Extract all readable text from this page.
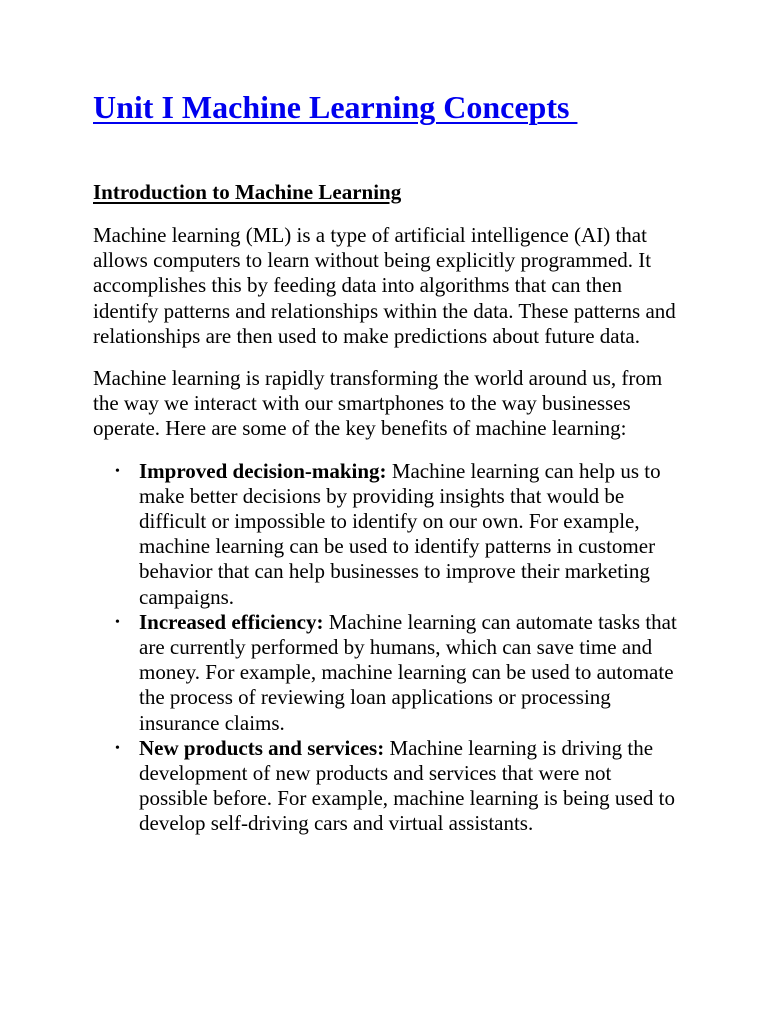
Unit I Machine Learning Concepts
Introduction to Machine Learning

Machine learning (ML) is a type of artificial intelligence (AI) that allows computers to learn without being explicitly programmed. It accomplishes this by feeding data into algorithms that can then identify patterns and relationships within the data. These patterns and relationships are then used to make predictions about future data.

Machine learning is rapidly transforming the world around us, from the way we interact with our smartphones to the way businesses operate. Here are some of the key benefits of machine learning:

• Improved decision-making: Machine learning can help us to make better decisions by providing insights that would be difficult or impossible to identify on our own. For example, machine learning can be used to identify patterns in customer behavior that can help businesses to improve their marketing campaigns.
• Increased efficiency: Machine learning can automate tasks that are currently performed by humans, which can save time and money. For example, machine learning can be used to automate the process of reviewing loan applications or processing insurance claims.
• New products and services: Machine learning is driving the development of new products and services that were not possible before. For example, machine learning is being used to develop self-driving cars and virtual assistants.
